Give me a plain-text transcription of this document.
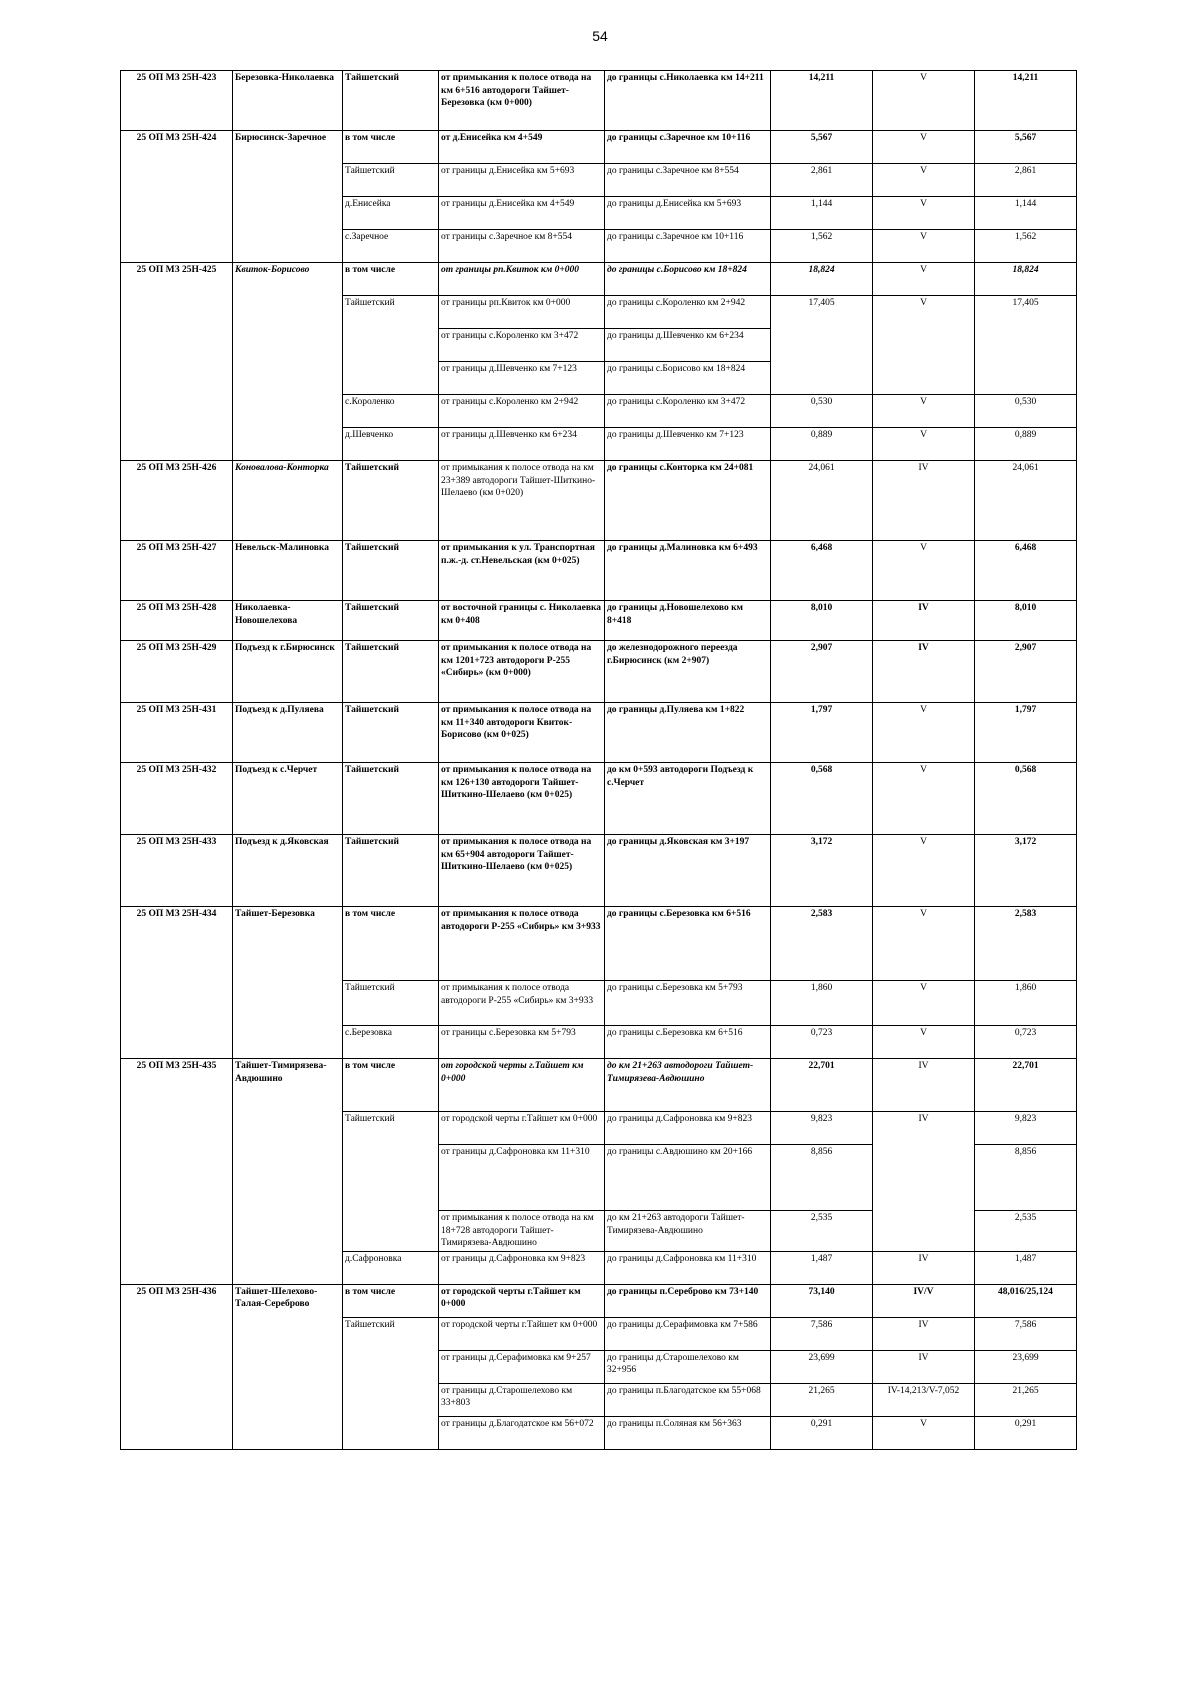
54
25 ОП МЗ 25Н-423	Березовка-Николаевка	Тайшетский	от примыкания к полосе отвода на км 6+516 автодороги Тайшет-Березовка (км 0+000)	до границы с.Николаевка км 14+211	14,211	V	14,211
25 ОП МЗ 25Н-424	Бирюсинск-Заречное	в том числе	от д.Енисейка км 4+549	до границы с.Заречное км 10+116	5,567	V	5,567
		Тайшетский	от границы д.Енисейка км 5+693	до границы с.Заречное км 8+554	2,861	V	2,861
		д.Енисейка	от границы д.Енисейка км 4+549	до границы д.Енисейка км 5+693	1,144	V	1,144
		с.Заречное	от границы с.Заречное км 8+554	до границы с.Заречное км 10+116	1,562	V	1,562
25 ОП МЗ 25Н-425	Квиток-Борисово	в том числе	от границы рп.Квиток км 0+000	до границы с.Борисово км 18+824	18,824	V	18,824
		Тайшетский	от границы рп.Квиток км 0+000	до границы с.Короленко км 2+942	17,405	V	17,405
			от границы с.Короленко км 3+472	до границы д.Шевченко км 6+234			
			от границы д.Шевченко км 7+123	до границы с.Борисово км 18+824			
		с.Короленко	от границы с.Короленко км 2+942	до границы с.Короленко км 3+472	0,530	V	0,530
		д.Шевченко	от границы д.Шевченко км 6+234	до границы д.Шевченко км 7+123	0,889	V	0,889
25 ОП МЗ 25Н-426	Коноваловa-Конторка	Тайшетский	от примыкания к полосе отвода на км 23+389 автодороги Тайшет-Шиткино-Шелаево (км 0+020)	до границы с.Конторка км 24+081	24,061	IV	24,061
25 ОП МЗ 25Н-427	Невельск-Малиновка	Тайшетский	от примыкания к ул. Транспортная п.ж.-д. ст.Невельская (км 0+025)	до границы д.Малиновка км 6+493	6,468	V	6,468
25 ОП МЗ 25Н-428	Николаевка-Новошелехова	Тайшетский	от восточной границы с. Николаевка км 0+408	до границы д.Новошелехово км 8+418	8,010	IV	8,010
25 ОП МЗ 25Н-429	Подъезд к г.Бирюсинск	Тайшетский	от примыкания к полосе отвода на км 1201+723 автодороги Р-255 «Сибирь» (км 0+000)	до железнодорожного переезда г.Бирюсинск (км 2+907)	2,907	IV	2,907
25 ОП МЗ 25Н-431	Подъезд к д.Пуляева	Тайшетский	от примыкания к полосе отвода на км 11+340 автодороги Квиток-Борисово (км 0+025)	до границы д.Пуляева км 1+822	1,797	V	1,797
25 ОП МЗ 25Н-432	Подъезд к с.Черчет	Тайшетский	от примыкания к полосе отвода на км 126+130 автодороги Тайшет-Шиткино-Шелаево (км 0+025)	до км 0+593 автодороги Подъезд к с.Черчет	0,568	V	0,568
25 ОП МЗ 25Н-433	Подъезд к д.Яковская	Тайшетский	от примыкания к полосе отвода на км 65+904 автодороги Тайшет-Шиткино-Шелаево (км 0+025)	до границы д.Яковская км 3+197	3,172	V	3,172
25 ОП МЗ 25Н-434	Тайшет-Березовка	в том числе	от примыкания к полосе отвода автодороги Р-255 «Сибирь» км 3+933	до границы с.Березовка км 6+516	2,583	V	2,583
		Тайшетский	от примыкания к полосе отвода автодороги Р-255 «Сибирь» км 3+933	до границы с.Березовка км 5+793	1,860	V	1,860
		с.Березовка	от границы с.Березовка км 5+793	до границы с.Березовка км 6+516	0,723	V	0,723
25 ОП МЗ 25Н-435	Тайшет-Тимирязева-Авдюшино	в том числе	от городской черты г.Тайшет км 0+000	до км 21+263 автодороги Тайшет-Тимирязева-Авдюшино	22,701	IV	22,701
		Тайшетский	от городской черты г.Тайшет км 0+000	до границы д.Сафроновка км 9+823	9,823	IV	9,823
			от границы д.Сафроновка км 11+310	до границы с.Авдюшино км 20+166	8,856		8,856
			от примыкания к полосе отвода на км 18+728 автодороги Тайшет-Тимирязева-Авдюшино	до км 21+263 автодороги Тайшет-Тимирязева-Авдюшино	2,535		2,535
		д.Сафроновка	от границы д.Сафроновка км 9+823	до границы д.Сафроновка км 11+310	1,487	IV	1,487
25 ОП МЗ 25Н-436	Тайшет-Шелехово-Талая-Сереброво	в том числе	от городской черты г.Тайшет км 0+000	до границы п.Сереброво км 73+140	73,140	IV/V	48,016/25,124
		Тайшетский	от городской черты г.Тайшет км 0+000	до границы д.Серафимовка км 7+586	7,586	IV	7,586
			от границы д.Серафимовка км 9+257	до границы д.Старошелехово км 32+956	23,699	IV	23,699
			от границы д.Старошелехово км 33+803	до границы п.Благодатское км 55+068	21,265	IV-14,213/V-7,052	21,265
			от границы д.Благодатское км 56+072	до границы п.Соляная км 56+363	0,291	V	0,291
